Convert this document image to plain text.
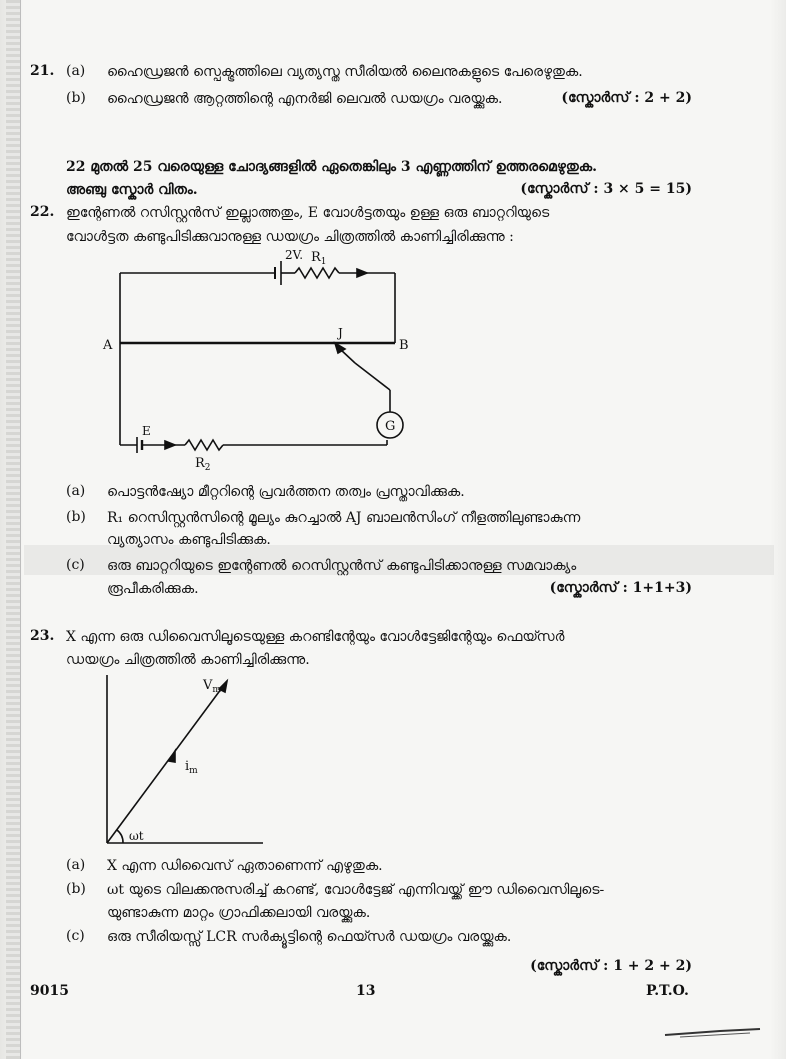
21. (a) ഹൈഡ്രജൻ സ്പെക്ട്രത്തിലെ വ്യത്യസ്ത സീരിയൽ ലൈനുകളുടെ പേരെഴുതുക.
(b) ഹൈഡ്രജൻ ആറ്റത്തിന്റെ എനർജി ലെവൽ ഡയഗ്രം വരയ്ക്കുക.	(സ്കോർസ് : 2 + 2)
22 മുതൽ 25 വരെയുള്ള ചോദ്യങ്ങളിൽ ഏതെങ്കിലും 3 എണ്ണത്തിന് ഉത്തരമെഴുതുക.
അഞ്ചു സ്കോർ വിതം.	(സ്കോർസ് : 3 × 5 = 15)
22. ഇന്റേണൽ റസിസ്റ്റൻസ് ഇല്ലാത്തതും, E വോൾട്ടതയും ഉള്ള ഒരു ബാറ്ററിയുടെ
വോൾട്ടത കണ്ടുപിടിക്കുവാനുള്ള ഡയഗ്രം ചിത്രത്തിൽ കാണിച്ചിരിക്കുന്നു :
2V. $R_1$
A	B
J
G
E
$R_2$
(a) പൊട്ടൻഷ്യോ മീറ്ററിന്റെ പ്രവർത്തന തത്വം പ്രസ്താവിക്കുക.
(b) R₁ റെസിസ്റ്റൻസിന്റെ മൂല്യം കുറച്ചാൽ AJ ബാലൻസിംഗ് നീളത്തിലുണ്ടാകുന്ന
വ്യത്യാസം കണ്ടുപിടിക്കുക.
(c) ഒരു ബാറ്ററിയുടെ ഇന്റേണൽ റെസിസ്റ്റൻസ് കണ്ടുപിടിക്കാനുള്ള സമവാക്യം
രൂപീകരിക്കുക.	(സ്കോർസ് : 1+1+3)
23. X എന്ന ഒരു ഡിവൈസിലൂടെയുള്ള കറണ്ടിന്റേയും വോൾട്ടേജിന്റേയും ഫെയ്സർ
ഡയഗ്രം ചിത്രത്തിൽ കാണിച്ചിരിക്കുന്നു.
$V_m$
$i_m$
ωt
(a) X എന്ന ഡിവൈസ് ഏതാണെന്ന് എഴുതുക.
(b) ωt യുടെ വിലക്കനുസരിച്ച് കറണ്ട്, വോൾട്ടേജ് എന്നിവയ്ക്ക് ഈ ഡിവൈസിലൂടെ-
യുണ്ടാകുന്ന മാറ്റം ഗ്രാഫിക്കലായി വരയ്ക്കുക.
(c) ഒരു സീരിയസ്സ് LCR സർക്യൂട്ടിന്റെ ഫെയ്സർ ഡയഗ്രം വരയ്ക്കുക.
(സ്കോർസ് : 1 + 2 + 2)
9015	13	P.T.O.
